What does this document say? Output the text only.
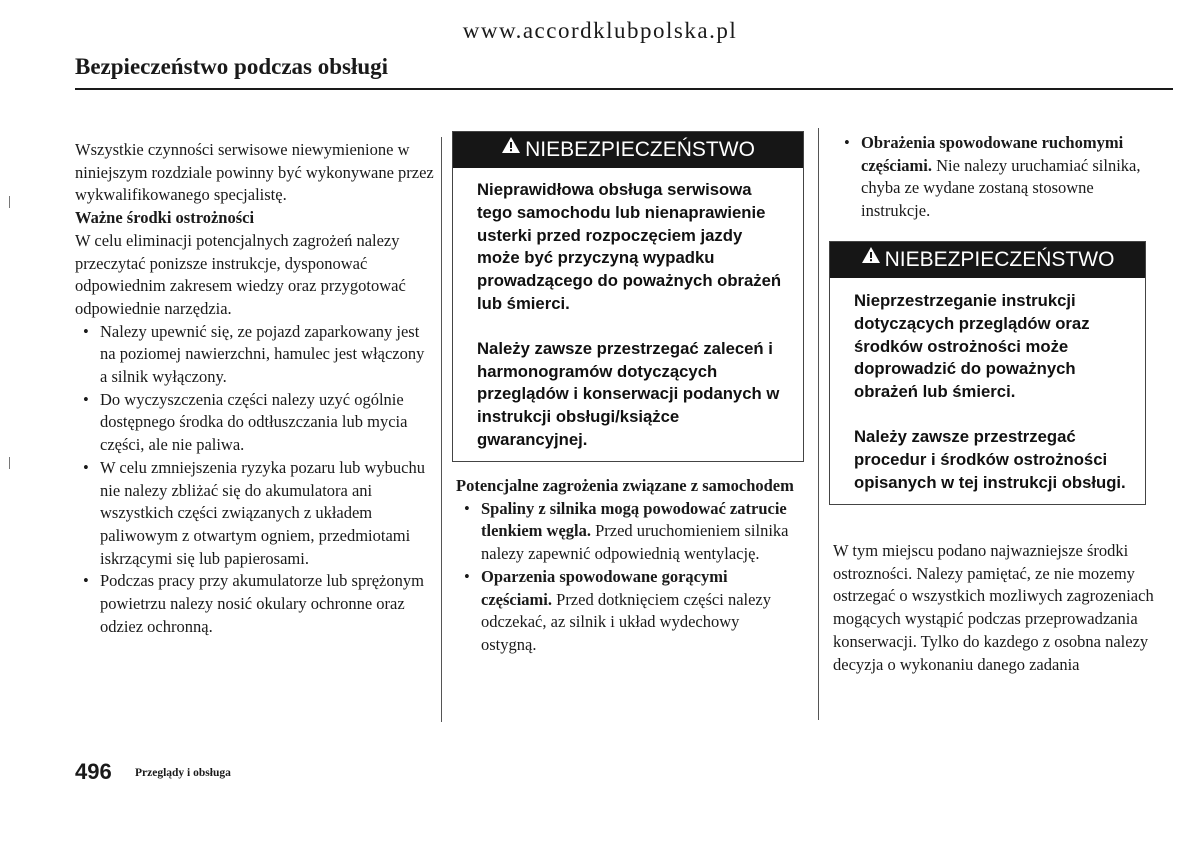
www.accordklubpolska.pl
Bezpieczeństwo podczas obsługi

Wszystkie czynności serwisowe niewymienione w niniejszym rozdziale powinny być wykonywane przez wykwalifikowanego specjalistę.

Ważne środki ostrożności

W celu eliminacji potencjalnych zagrożeń nalezy przeczytać ponizsze instrukcje, dysponować odpowiednim zakresem wiedzy oraz przygotować odpowiednie narzędzia.

• Nalezy upewnić się, ze pojazd zaparkowany jest na poziomej nawierzchni, hamulec jest włączony a silnik wyłączony.
• Do wyczyszczenia części nalezy uzyć ogólnie dostępnego środka do odtłuszczania lub mycia części, ale nie paliwa.
• W celu zmniejszenia ryzyka pozaru lub wybuchu nie nalezy zbliżać się do akumulatora ani wszystkich części związanych z układem paliwowym z otwartym ogniem, przedmiotami iskrzącymi się lub papierosami.
• Podczas pracy przy akumulatorze lub sprężonym powietrzu nalezy nosić okulary ochronne oraz odziez ochronną.
NIEBEZPIECZEŃSTWO

Nieprawidłowa obsługa serwisowa tego samochodu lub nienaprawienie usterki przed rozpoczęciem jazdy może być przyczyną wypadku prowadzącego do poważnych obrażeń lub śmierci.

Należy zawsze przestrzegać zaleceń i harmonogramów dotyczących przeglądów i konserwacji podanych w instrukcji obsługi/książce gwarancyjnej.

Potencjalne zagrożenia związane z samochodem

• Spaliny z silnika mogą powodować zatrucie tlenkiem węgla. Przed uruchomieniem silnika nalezy zapewnić odpowiednią wentylację.
• Oparzenia spowodowane gorącymi częściami. Przed dotknięciem części nalezy odczekać, az silnik i układ wydechowy ostygną.
• Obrażenia spowodowane ruchomymi częściami. Nie nalezy uruchamiać silnika, chyba ze wydane zostaną stosowne instrukcje.
NIEBEZPIECZEŃSTWO

Nieprzestrzeganie instrukcji dotyczących przeglądów oraz środków ostrożności może doprowadzić do poważnych obrażeń lub śmierci.

Należy zawsze przestrzegać procedur i środków ostrożności opisanych w tej instrukcji obsługi.

W tym miejscu podano najwazniejsze środki ostrozności. Nalezy pamiętać, ze nie mozemy ostrzegać o wszystkich mozliwych zagrozeniach mogących wystąpić podczas przeprowadzania konserwacji. Tylko do kazdego z osobna nalezy decyzja o wykonaniu danego zadania

496 Przeglądy i obsługa
